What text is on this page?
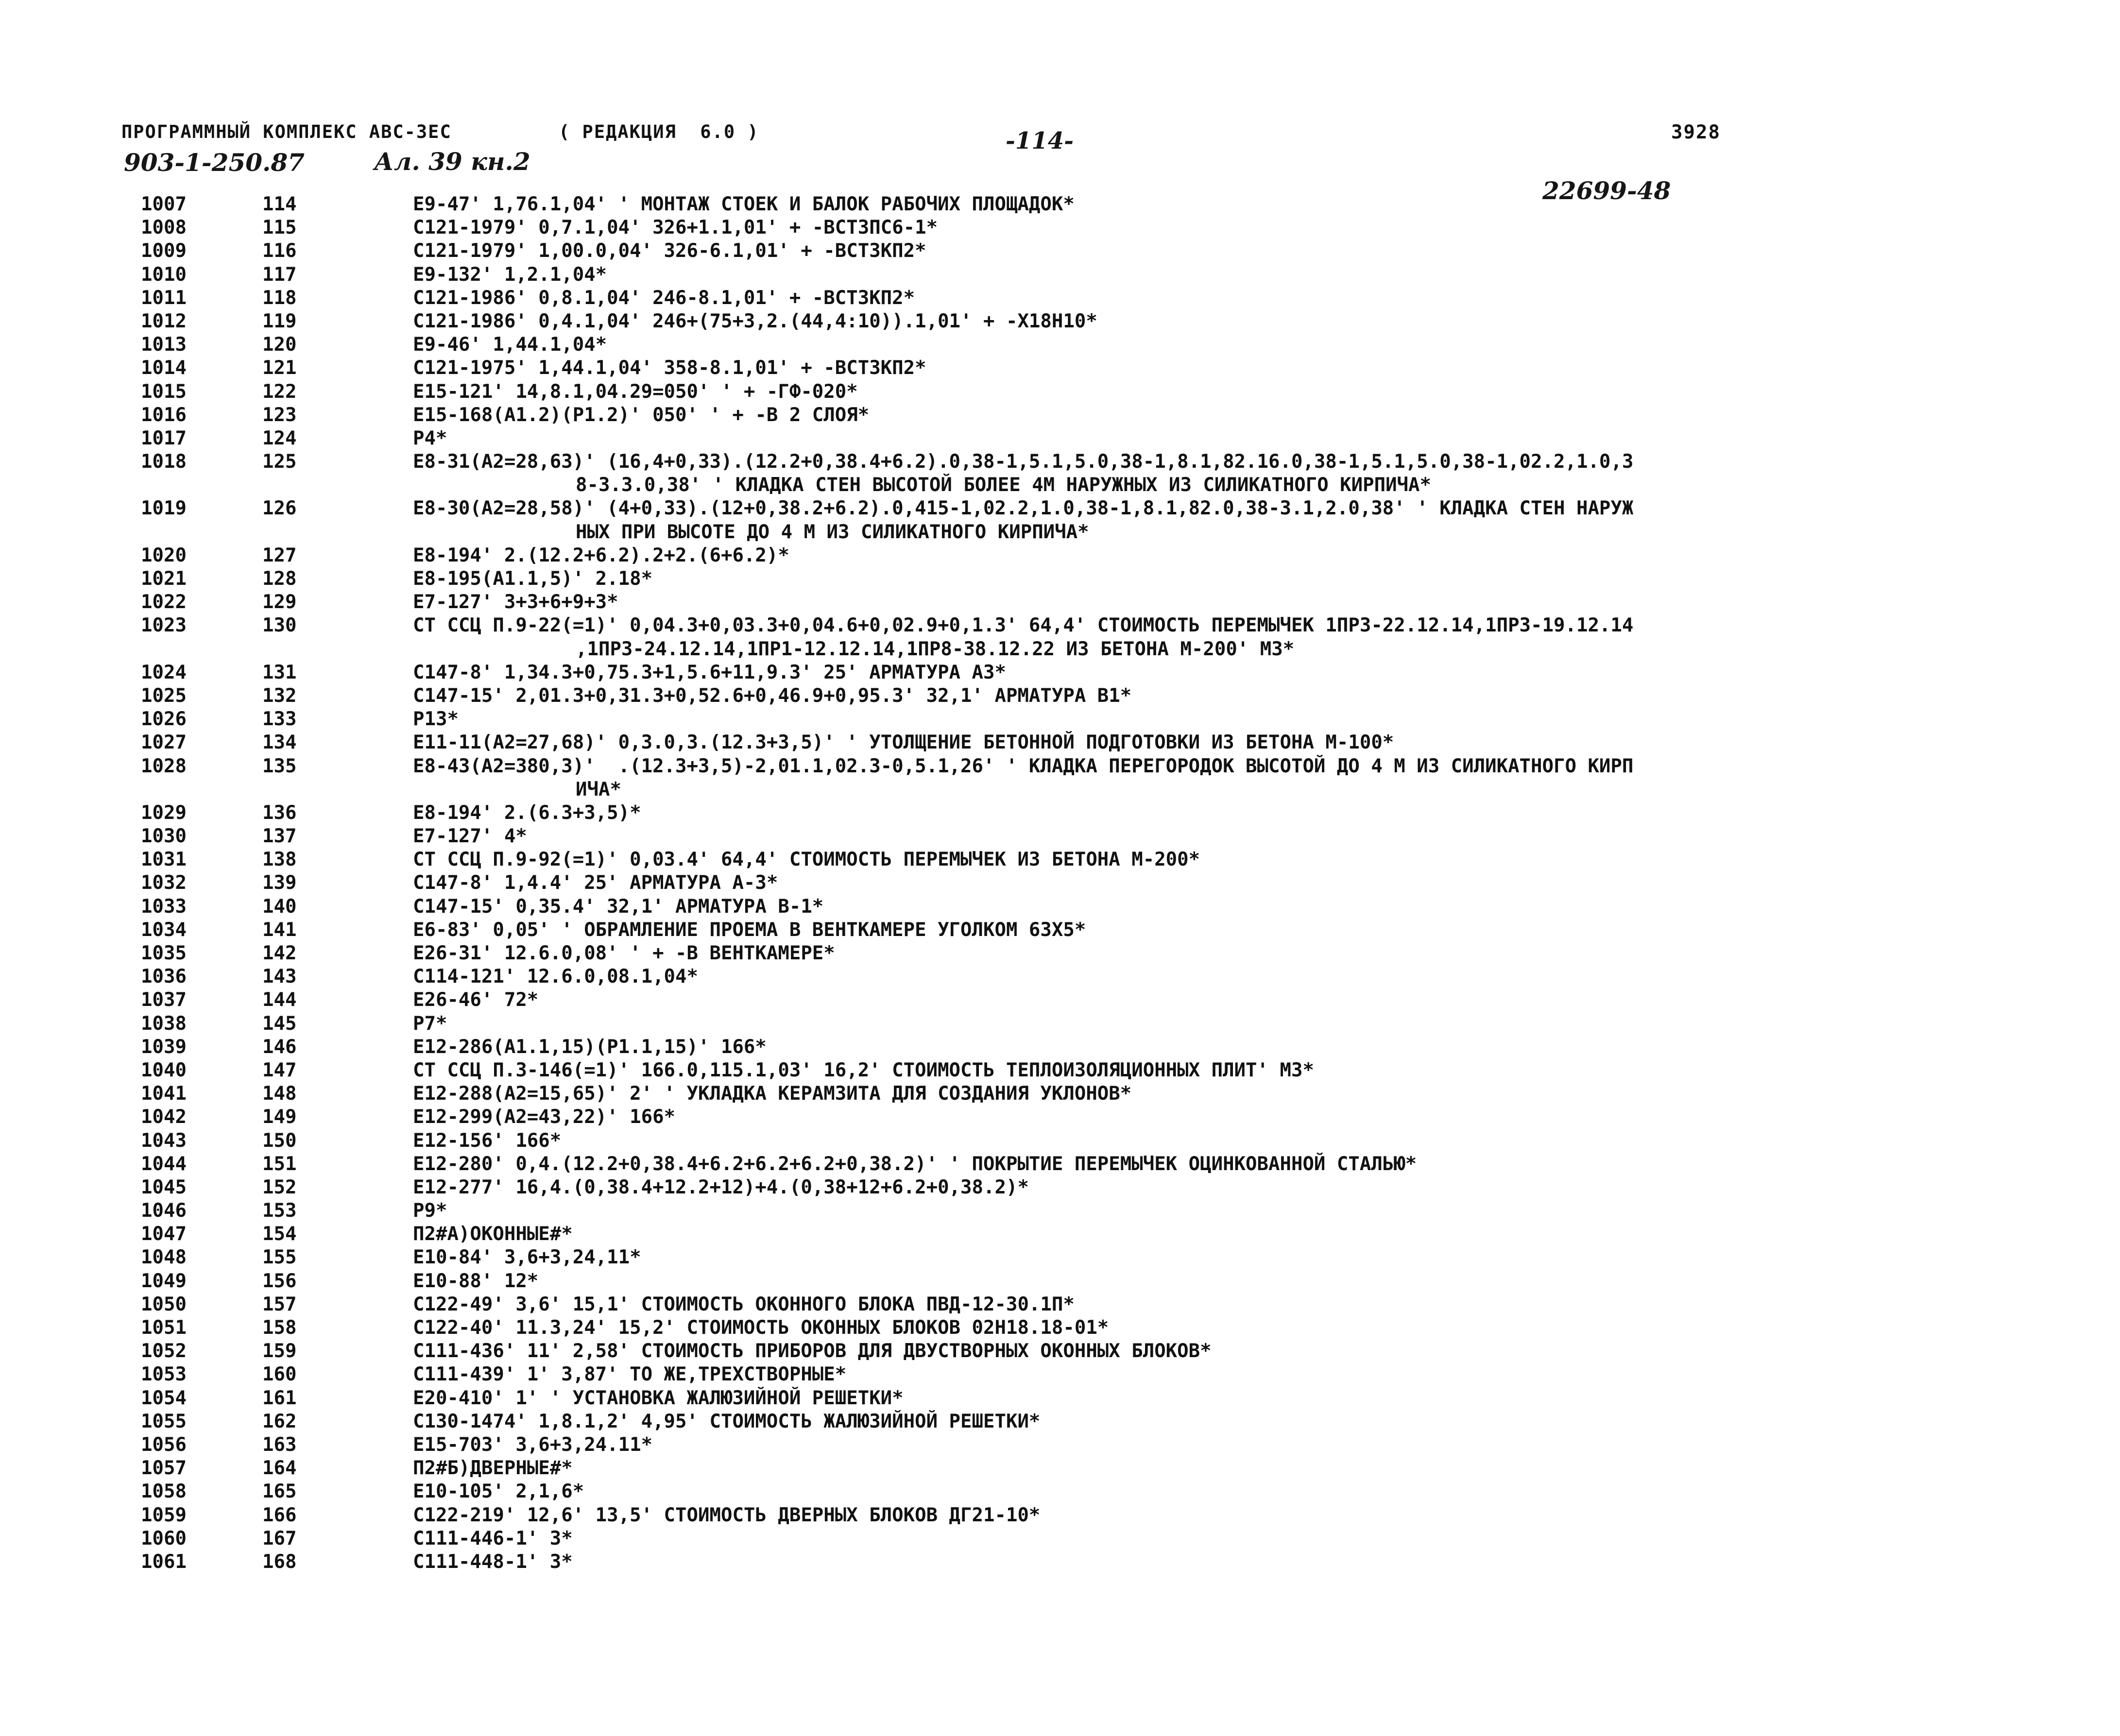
ПРОГРАММНЫЙ КОМПЛЕКС АВС-3ЕС	( РЕДАКЦИЯ  6.0 )	-114-	3928
903-1-250.87	Ал. 39 кн.2
22699-48
1007	114	E9-47' 1,76.1,04' ' МОНТАЖ СТОЕК И БАЛОК РАБОЧИХ ПЛОЩАДОК*
1008	115	C121-1979' 0,7.1,04' 326+1.1,01' + -ВСТ3ПС6-1*
1009	116	C121-1979' 1,00.0,04' 326-6.1,01' + -ВСТ3КП2*
1010	117	E9-132' 1,2.1,04*
1011	118	C121-1986' 0,8.1,04' 246-8.1,01' + -ВСТ3КП2*
1012	119	C121-1986' 0,4.1,04' 246+(75+3,2.(44,4:10)).1,01' + -Х18Н10*
1013	120	E9-46' 1,44.1,04*
1014	121	C121-1975' 1,44.1,04' 358-8.1,01' + -ВСТ3КП2*
1015	122	E15-121' 14,8.1,04.29=050' ' + -ГФ-020*
1016	123	E15-168(A1.2)(P1.2)' 050' ' + -В 2 СЛОЯ*
1017	124	Р4*
1018	125	E8-31(A2=28,63)' (16,4+0,33).(12.2+0,38.4+6.2).0,38-1,5.1,5.0,38-1,8.1,82.16.0,38-1,5.1,5.0,38-1,02.2,1.0,3
8-3.3.0,38' ' КЛАДКА СТЕН ВЫСОТОЙ БОЛЕЕ 4М НАРУЖНЫХ ИЗ СИЛИКАТНОГО КИРПИЧА*
1019	126	E8-30(A2=28,58)' (4+0,33).(12+0,38.2+6.2).0,415-1,02.2,1.0,38-1,8.1,82.0,38-3.1,2.0,38' ' КЛАДКА СТЕН НАРУЖ
НЫХ ПРИ ВЫСОТЕ ДО 4 М ИЗ СИЛИКАТНОГО КИРПИЧА*
1020	127	E8-194' 2.(12.2+6.2).2+2.(6+6.2)*
1021	128	E8-195(A1.1,5)' 2.18*
1022	129	E7-127' 3+3+6+9+3*
1023	130	СТ ССЦ П.9-22(=1)' 0,04.3+0,03.3+0,04.6+0,02.9+0,1.3' 64,4' СТОИМОСТЬ ПЕРЕМЫЧЕК 1ПР3-22.12.14,1ПР3-19.12.14
,1ПР3-24.12.14,1ПР1-12.12.14,1ПР8-38.12.22 ИЗ БЕТОНА М-200' М3*
1024	131	C147-8' 1,34.3+0,75.3+1,5.6+11,9.3' 25' АРМАТУРА А3*
1025	132	C147-15' 2,01.3+0,31.3+0,52.6+0,46.9+0,95.3' 32,1' АРМАТУРА В1*
1026	133	Р13*
1027	134	E11-11(A2=27,68)' 0,3.0,3.(12.3+3,5)' ' УТОЛЩЕНИЕ БЕТОННОЙ ПОДГОТОВКИ ИЗ БЕТОНА М-100*
1028	135	E8-43(A2=380,3)'  .(12.3+3,5)-2,01.1,02.3-0,5.1,26' ' КЛАДКА ПЕРЕГОРОДОК ВЫСОТОЙ ДО 4 М ИЗ СИЛИКАТНОГО КИРП
ИЧА*
1029	136	E8-194' 2.(6.3+3,5)*
1030	137	E7-127' 4*
1031	138	СТ ССЦ П.9-92(=1)' 0,03.4' 64,4' СТОИМОСТЬ ПЕРЕМЫЧЕК ИЗ БЕТОНА М-200*
1032	139	C147-8' 1,4.4' 25' АРМАТУРА А-3*
1033	140	C147-15' 0,35.4' 32,1' АРМАТУРА В-1*
1034	141	E6-83' 0,05' ' ОБРАМЛЕНИЕ ПРОЕМА В ВЕНТКАМЕРЕ УГОЛКОМ 63Х5*
1035	142	E26-31' 12.6.0,08' ' + -В ВЕНТКАМЕРЕ*
1036	143	C114-121' 12.6.0,08.1,04*
1037	144	E26-46' 72*
1038	145	Р7*
1039	146	E12-286(A1.1,15)(P1.1,15)' 166*
1040	147	СТ ССЦ П.3-146(=1)' 166.0,115.1,03' 16,2' СТОИМОСТЬ ТЕПЛОИЗОЛЯЦИОННЫХ ПЛИТ' М3*
1041	148	E12-288(A2=15,65)' 2' ' УКЛАДКА КЕРАМЗИТА ДЛЯ СОЗДАНИЯ УКЛОНОВ*
1042	149	E12-299(A2=43,22)' 166*
1043	150	E12-156' 166*
1044	151	E12-280' 0,4.(12.2+0,38.4+6.2+6.2+6.2+0,38.2)' ' ПОКРЫТИЕ ПЕРЕМЫЧЕК ОЦИНКОВАННОЙ СТАЛЬЮ*
1045	152	E12-277' 16,4.(0,38.4+12.2+12)+4.(0,38+12+6.2+0,38.2)*
1046	153	Р9*
1047	154	П2#А)ОКОННЫЕ#*
1048	155	E10-84' 3,6+3,24,11*
1049	156	E10-88' 12*
1050	157	C122-49' 3,6' 15,1' СТОИМОСТЬ ОКОННОГО БЛОКА ПВД-12-30.1П*
1051	158	C122-40' 11.3,24' 15,2' СТОИМОСТЬ ОКОННЫХ БЛОКОВ 02Н18.18-01*
1052	159	C111-436' 11' 2,58' СТОИМОСТЬ ПРИБОРОВ ДЛЯ ДВУСТВОРНЫХ ОКОННЫХ БЛОКОВ*
1053	160	C111-439' 1' 3,87' ТО ЖЕ,ТРЕХСТВОРНЫЕ*
1054	161	E20-410' 1' ' УСТАНОВКА ЖАЛЮЗИЙНОЙ РЕШЕТКИ*
1055	162	C130-1474' 1,8.1,2' 4,95' СТОИМОСТЬ ЖАЛЮЗИЙНОЙ РЕШЕТКИ*
1056	163	E15-703' 3,6+3,24.11*
1057	164	П2#Б)ДВЕРНЫЕ#*
1058	165	E10-105' 2,1,6*
1059	166	C122-219' 12,6' 13,5' СТОИМОСТЬ ДВЕРНЫХ БЛОКОВ ДГ21-10*
1060	167	C111-446-1' 3*
1061	168	C111-448-1' 3*
